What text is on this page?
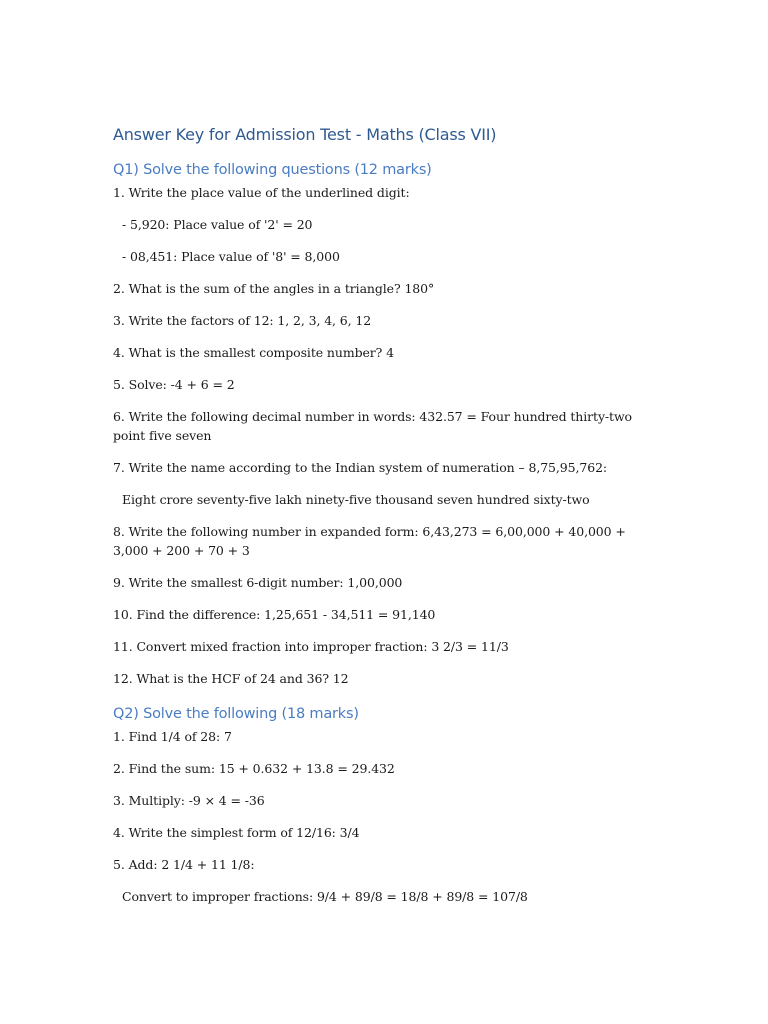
Answer Key for Admission Test - Maths (Class VII)
Q1) Solve the following questions (12 marks)

1. Write the place value of the underlined digit:

- 5,920: Place value of '2' = 20

- 08,451: Place value of '8' = 8,000

2. What is the sum of the angles in a triangle? 180°

3. Write the factors of 12: 1, 2, 3, 4, 6, 12

4. What is the smallest composite number? 4

5. Solve: -4 + 6 = 2

6. Write the following decimal number in words: 432.57 = Four hundred thirty-two point five seven

7. Write the name according to the Indian system of numeration – 8,75,95,762:

Eight crore seventy-five lakh ninety-five thousand seven hundred sixty-two

8. Write the following number in expanded form: 6,43,273 = 6,00,000 + 40,000 + 3,000 + 200 + 70 + 3

9. Write the smallest 6-digit number: 1,00,000

10. Find the difference: 1,25,651 - 34,511 = 91,140

11. Convert mixed fraction into improper fraction: 3 2/3 = 11/3

12. What is the HCF of 24 and 36? 12

Q2) Solve the following (18 marks)

1. Find 1/4 of 28: 7

2. Find the sum: 15 + 0.632 + 13.8 = 29.432

3. Multiply: -9 × 4 = -36

4. Write the simplest form of 12/16: 3/4

5. Add: 2 1/4 + 11 1/8:

Convert to improper fractions: 9/4 + 89/8 = 18/8 + 89/8 = 107/8
